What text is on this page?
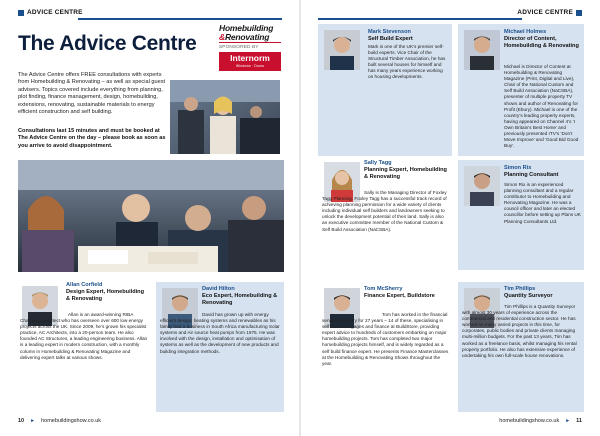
ADVICE CENTRE	ADVICE CENTRE
The Advice Centre
Homebuilding
&Renovating
SPONSORED BY
Internorm
Windows · Doors
The Advice Centre offers FREE consultations with experts from Homebuilding & Renovating – as well as special guest advisers. Topics covered include everything from planning, plot finding, finance management, design, homebuilding, extensions, renovating, sustainable materials to energy efficient construction and self building.
Consultations last 15 minutes and must be booked at The Advice Centre on the day – please book as soon as you arrive to avoid disappointment.
Mark Stevenson
Self Build Expert
Mark is one of the UK’s premier self-build experts. Vice Chair of the Structural Timber Association, he has built several houses for himself and has many years experience working on housing developments.
Michael Holmes
Director of Content, Homebuilding & Renovating
Michael is Director of Content at Homebuilding & Renovating Magazine (Print, Digital and Live), Chair of the National Custom and Self Build Association (NaCSBA), presenter of multiple property TV shows and author of Renovating for Profit (Ebury). Michael is one of the country’s leading property experts, having appeared on Channel 4’s ‘I Own Britain’s Best Home’ and previously presented ITV’s ‘Don’t Move Improve’ and ‘Good Bid Good Buy’.
Sally Tagg
Planning Expert, Homebuilding & Renovating
Sally is the Managing Director of Foxley Tagg Planning. Foxley Tagg has a successful track record of achieving planning permission for a wide variety of clients including individual self builders and landowners seeking to unlock the development potential of their land. Sally is also an executive committee member of the National Custom & Self Build Association (NaCSBA).
Simon Rix
Planning Consultant
Simon Rix is an experienced planning consultant and a regular contributor to Homebuilding and Renovating Magazine. He was a council officer and later an elected councillor before setting up Plans UK Planning Consultants Ltd.
Allan Corfield
Design Expert, Homebuilding & Renovating
Allan is an award-winning RIBA Chartered Architect who has overseen over 600 low energy projects across the UK. Since 2009, he’s grown his specialist practice, AC Architects, into a 20-person team. He also founded AC Structures, a leading engineering business. Allan is a leading expert in modern construction, with a monthly column in Homebuilding & Renovating Magazine and delivering expert talks at various shows.
David Hilton
Eco Expert, Homebuilding & Renovating
David has grown up with energy efficient design, heating systems and renewables as his family had a business in South Africa manufacturing Solar systems and Air source heat pumps from 1975. He was involved with the design, installation and optimisation of systems as well as the development of new products and building integration methods.
Tom McSherry
Finance Expert, Buildstore
Tom has worked in the financial services industry for 27 years – 14 of these, specialising in self build mortgages and finance at BuildStore, providing expert advice to hundreds of customers embarking on major homebuilding projects. Tom has completed two major homebuilding projects himself, and is widely regarded as a self build finance expert. He presents Finance Masterclasses at the Homebuilding & Renovating Shows throughout the year.
Tim Phillips
Quantity Surveyor
Tim Phillips is a Quantity Surveyor with almost 30 years of experience across the commercial and residential construction sector. He has worked on many varied projects in this time, for corporates, public bodies and private clients managing multi-million budgets. For the past 13 years, Tim has worked as a freelance basis, whilst managing his rental property portfolio. He also has extensive experience of undertaking his own full-scale house renovations.
10 ► homebuildingshow.co.uk	homebuildingshow.co.uk ► 11
